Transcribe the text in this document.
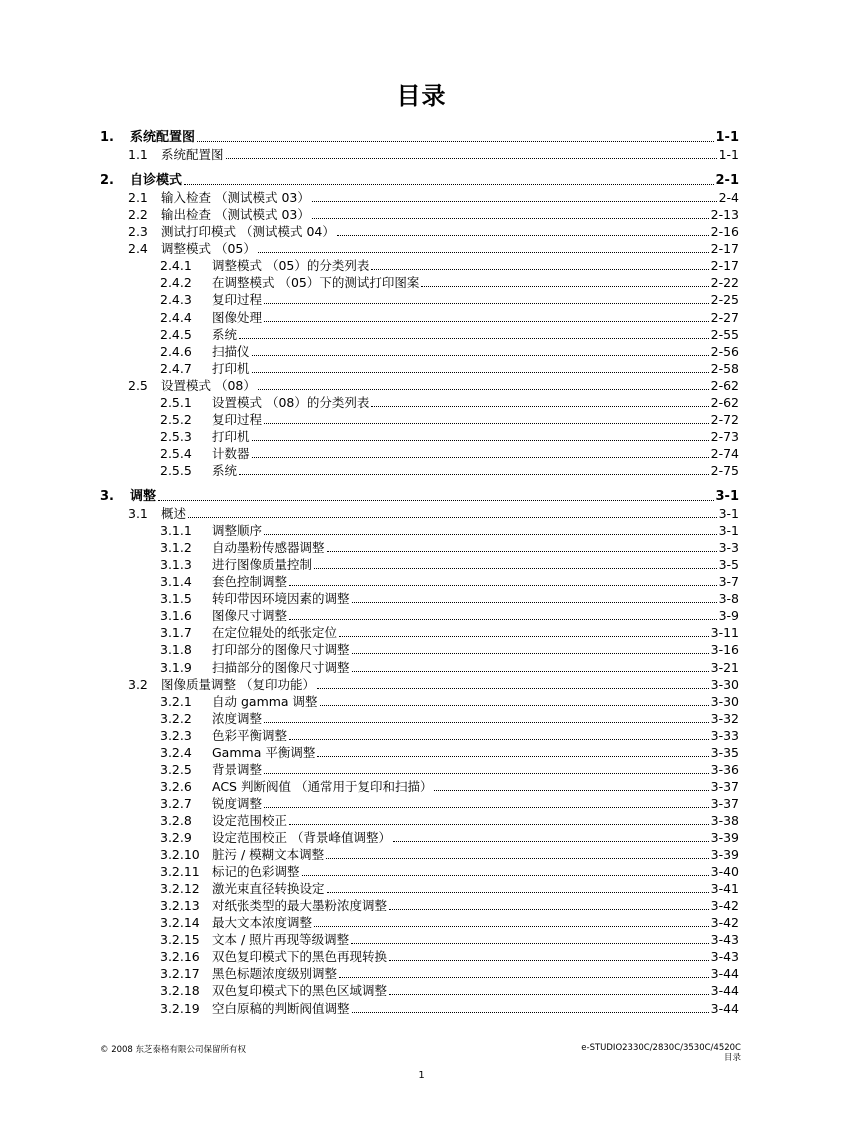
目录
1.	系统配置图	1-1
1.1	系统配置图	1-1
2.	自诊模式	2-1
2.1	输入检查 （测试模式 03）	2-4
2.2	输出检查 （测试模式 03）	2-13
2.3	测试打印模式 （测试模式 04）	2-16
2.4	调整模式 （05）	2-17
2.4.1	调整模式 （05）的分类列表	2-17
2.4.2	在调整模式 （05）下的测试打印图案	2-22
2.4.3	复印过程	2-25
2.4.4	图像处理	2-27
2.4.5	系统	2-55
2.4.6	扫描仪	2-56
2.4.7	打印机	2-58
2.5	设置模式 （08）	2-62
2.5.1	设置模式 （08）的分类列表	2-62
2.5.2	复印过程	2-72
2.5.3	打印机	2-73
2.5.4	计数器	2-74
2.5.5	系统	2-75
3.	调整	3-1
3.1	概述	3-1
3.1.1	调整顺序	3-1
3.1.2	自动墨粉传感器调整	3-3
3.1.3	进行图像质量控制	3-5
3.1.4	套色控制调整	3-7
3.1.5	转印带因环境因素的调整	3-8
3.1.6	图像尺寸调整	3-9
3.1.7	在定位辊处的纸张定位	3-11
3.1.8	打印部分的图像尺寸调整	3-16
3.1.9	扫描部分的图像尺寸调整	3-21
3.2	图像质量调整 （复印功能）	3-30
3.2.1	自动 gamma 调整	3-30
3.2.2	浓度调整	3-32
3.2.3	色彩平衡调整	3-33
3.2.4	Gamma 平衡调整	3-35
3.2.5	背景调整	3-36
3.2.6	ACS 判断阀值 （通常用于复印和扫描）	3-37
3.2.7	锐度调整	3-37
3.2.8	设定范围校正	3-38
3.2.9	设定范围校正 （背景峰值调整）	3-39
3.2.10 脏污 / 模糊文本调整	3-39
3.2.11 标记的色彩调整	3-40
3.2.12 激光束直径转换设定	3-41
3.2.13 对纸张类型的最大墨粉浓度调整	3-42
3.2.14 最大文本浓度调整	3-42
3.2.15 文本 / 照片再现等级调整	3-43
3.2.16 双色复印模式下的黑色再现转换	3-43
3.2.17 黑色标题浓度级别调整	3-44
3.2.18 双色复印模式下的黑色区域调整	3-44
3.2.19 空白原稿的判断阀值调整	3-44
© 2008 东芝泰格有限公司保留所有权	e-STUDIO2330C/2830C/3530C/4520C
目录
1
